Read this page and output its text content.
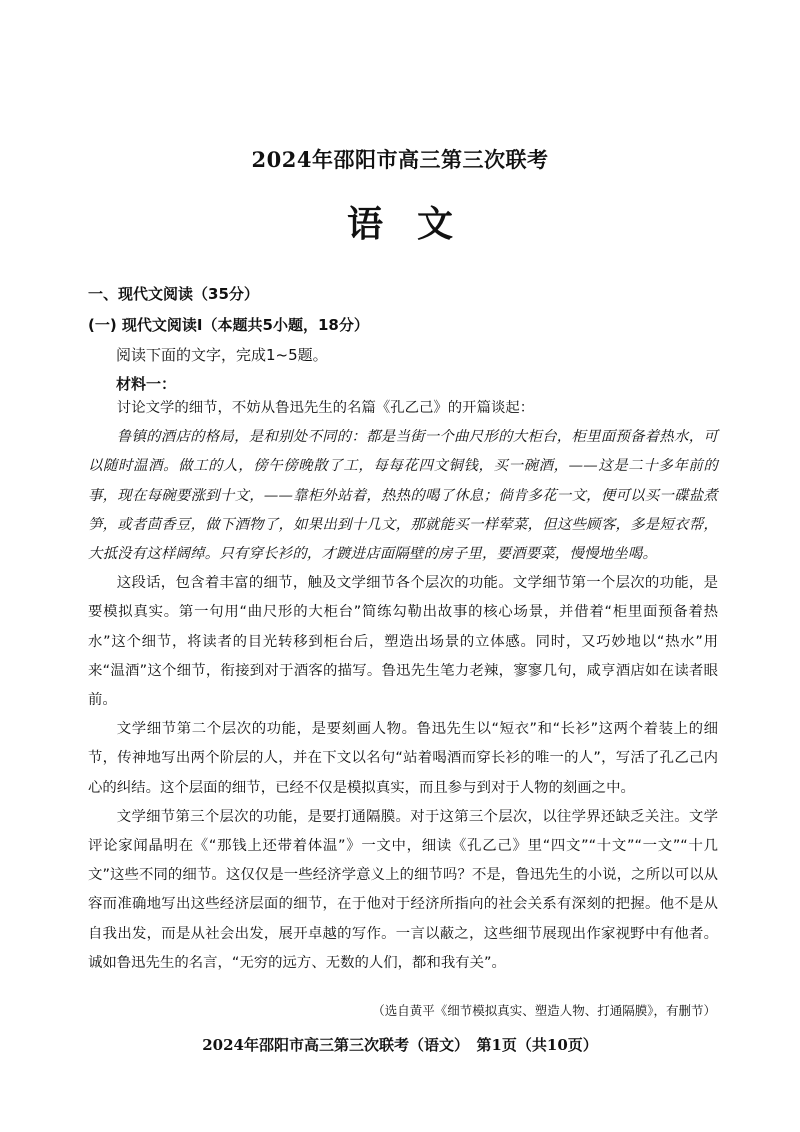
2024年邵阳市高三第三次联考
语文
一、现代文阅读（35分）
(一) 现代文阅读Ⅰ（本题共5小题，18分）
阅读下面的文字，完成1~5题。
材料一：

讨论文学的细节，不妨从鲁迅先生的名篇《孔乙己》的开篇谈起：

鲁镇的酒店的格局，是和别处不同的：都是当街一个曲尺形的大柜台，柜里面预备着热水，可以随时温酒。做工的人，傍午傍晚散了工，每每花四文铜钱，买一碗酒，——这是二十多年前的事，现在每碗要涨到十文，——靠柜外站着，热热的喝了休息；倘肯多花一文，便可以买一碟盐煮笋，或者茴香豆，做下酒物了，如果出到十几文，那就能买一样荤菜，但这些顾客，多是短衣帮，大抵没有这样阔绰。只有穿长衫的，才踱进店面隔壁的房子里，要酒要菜，慢慢地坐喝。

这段话，包含着丰富的细节，触及文学细节各个层次的功能。文学细节第一个层次的功能，是要模拟真实。第一句用“曲尺形的大柜台”简练勾勒出故事的核心场景，并借着“柜里面预备着热水”这个细节，将读者的目光转移到柜台后，塑造出场景的立体感。同时，又巧妙地以“热水”用来“温酒”这个细节，衔接到对于酒客的描写。鲁迅先生笔力老辣，寥寥几句，咸亨酒店如在读者眼前。

文学细节第二个层次的功能，是要刻画人物。鲁迅先生以“短衣”和“长衫”这两个着装上的细节，传神地写出两个阶层的人，并在下文以名句“站着喝酒而穿长衫的唯一的人”，写活了孔乙己内心的纠结。这个层面的细节，已经不仅是模拟真实，而且参与到对于人物的刻画之中。

文学细节第三个层次的功能，是要打通隔膜。对于这第三个层次，以往学界还缺乏关注。文学评论家闻晶明在《“那钱上还带着体温”》一文中，细读《孔乙己》里“四文”“十文”“一文”“十几文”这些不同的细节。这仅仅是一些经济学意义上的细节吗？不是，鲁迅先生的小说，之所以可以从容而准确地写出这些经济层面的细节，在于他对于经济所指向的社会关系有深刻的把握。他不是从自我出发，而是从社会出发，展开卓越的写作。一言以蔽之，这些细节展现出作家视野中有他者。诚如鲁迅先生的名言，“无穷的远方、无数的人们，都和我有关”。

（选自黄平《细节模拟真实、塑造人物、打通隔膜》，有删节）
2024年邵阳市高三第三次联考（语文）　第1页（共10页）
